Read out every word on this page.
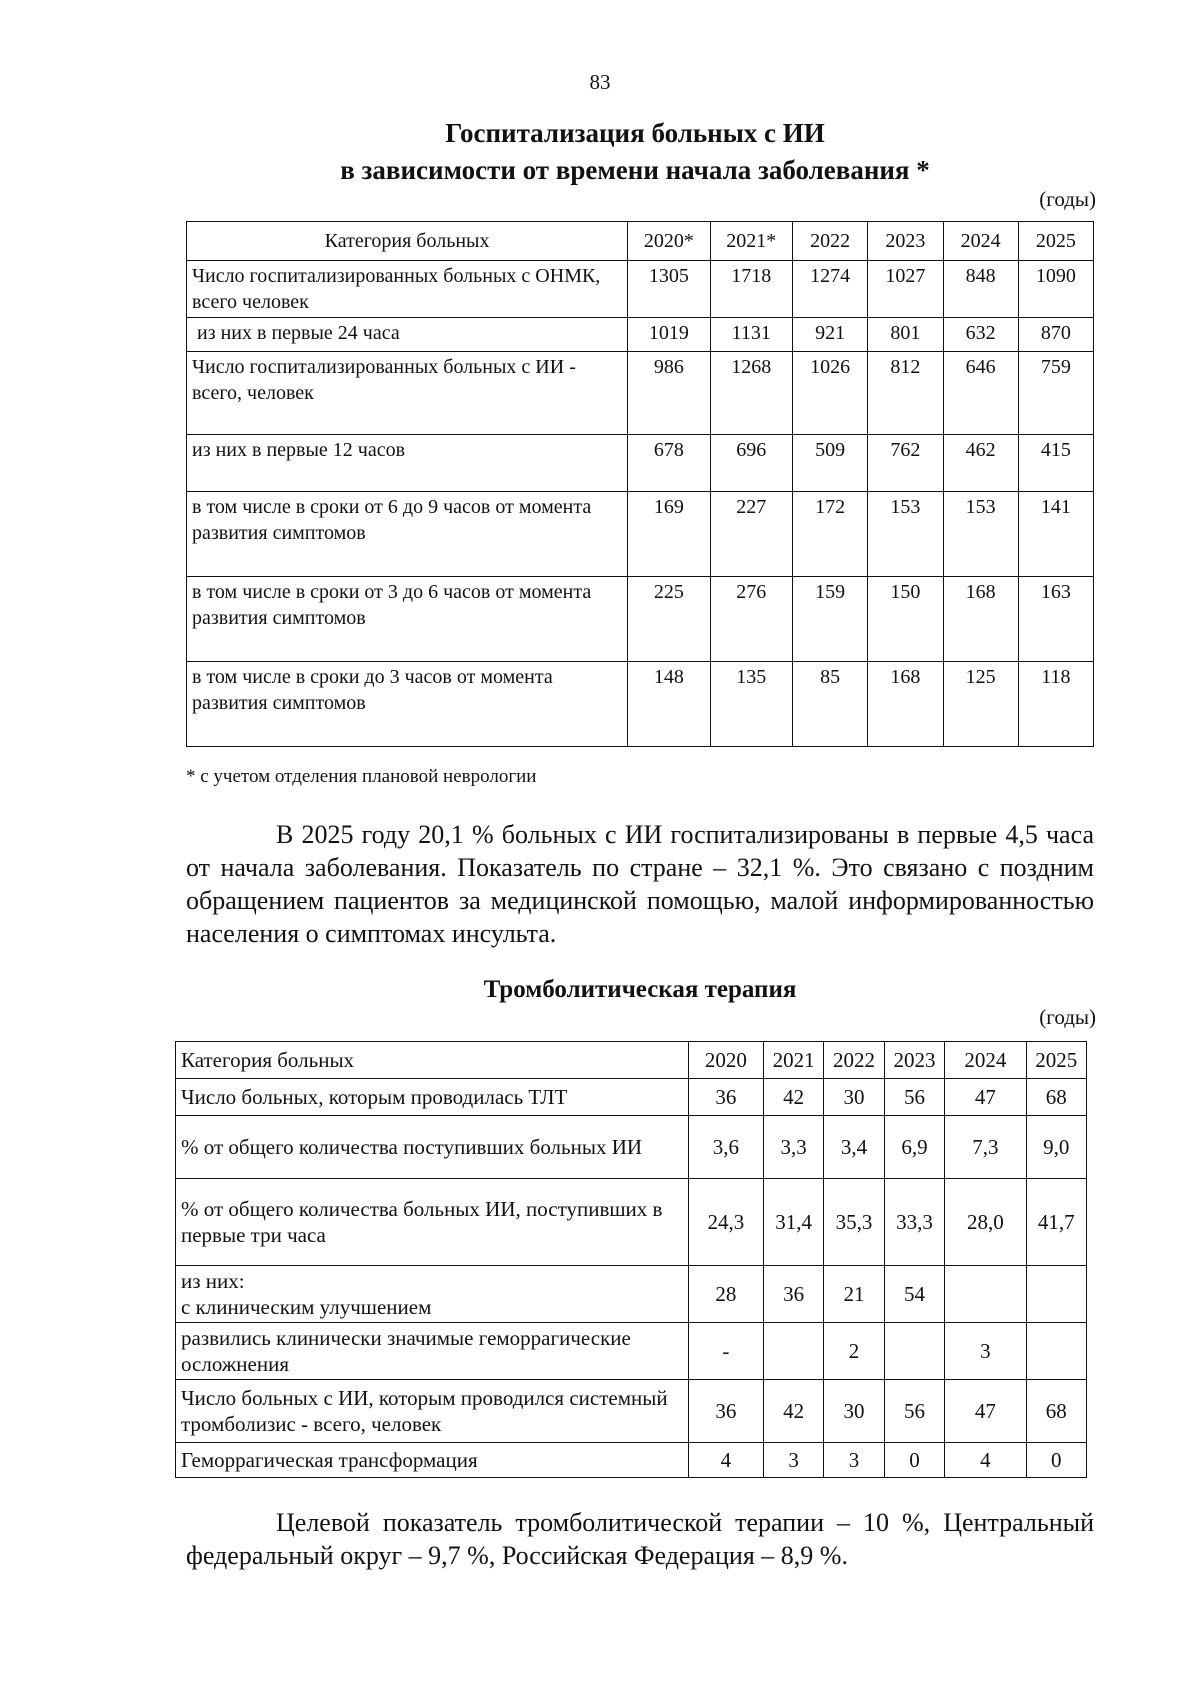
83
Госпитализация больных с ИИ
в зависимости от времени начала заболевания *
(годы)
Категория больных	2020*	2021*	2022	2023	2024	2025
Число госпитализированных больных с ОНМК, всего человек	1305	1718	1274	1027	848	1090
из них в первые 24 часа	1019	1131	921	801	632	870
Число госпитализированных больных с ИИ - всего, человек	986	1268	1026	812	646	759
из них в первые 12 часов	678	696	509	762	462	415
в том числе в сроки от 6 до 9 часов от момента развития симптомов	169	227	172	153	153	141
в том числе в сроки от 3 до 6 часов от момента развития симптомов	225	276	159	150	168	163
в том числе в сроки до 3 часов от момента развития симптомов	148	135	85	168	125	118
* с учетом отделения плановой неврологии
В 2025 году 20,1 % больных с ИИ госпитализированы в первые 4,5 часа от начала заболевания. Показатель по стране – 32,1 %. Это связано с поздним обращением пациентов за медицинской помощью, малой информированностью населения о симптомах инсульта.
Тромболитическая терапия
(годы)
Категория больных	2020	2021	2022	2023	2024	2025
Число больных, которым проводилась ТЛТ	36	42	30	56	47	68
% от общего количества поступивших больных ИИ	3,6	3,3	3,4	6,9	7,3	9,0
% от общего количества больных ИИ, поступивших в первые три часа	24,3	31,4	35,3	33,3	28,0	41,7
из них:
с клиническим улучшением	28	36	21	54		
развились клинически значимые геморрагические осложнения	-		2		3	
Число больных с ИИ, которым проводился системный тромболизис - всего, человек	36	42	30	56	47	68
Геморрагическая трансформация	4	3	3	0	4	0
Целевой показатель тромболитической терапии – 10 %, Центральный федеральный округ – 9,7 %, Российская Федерация – 8,9 %.
